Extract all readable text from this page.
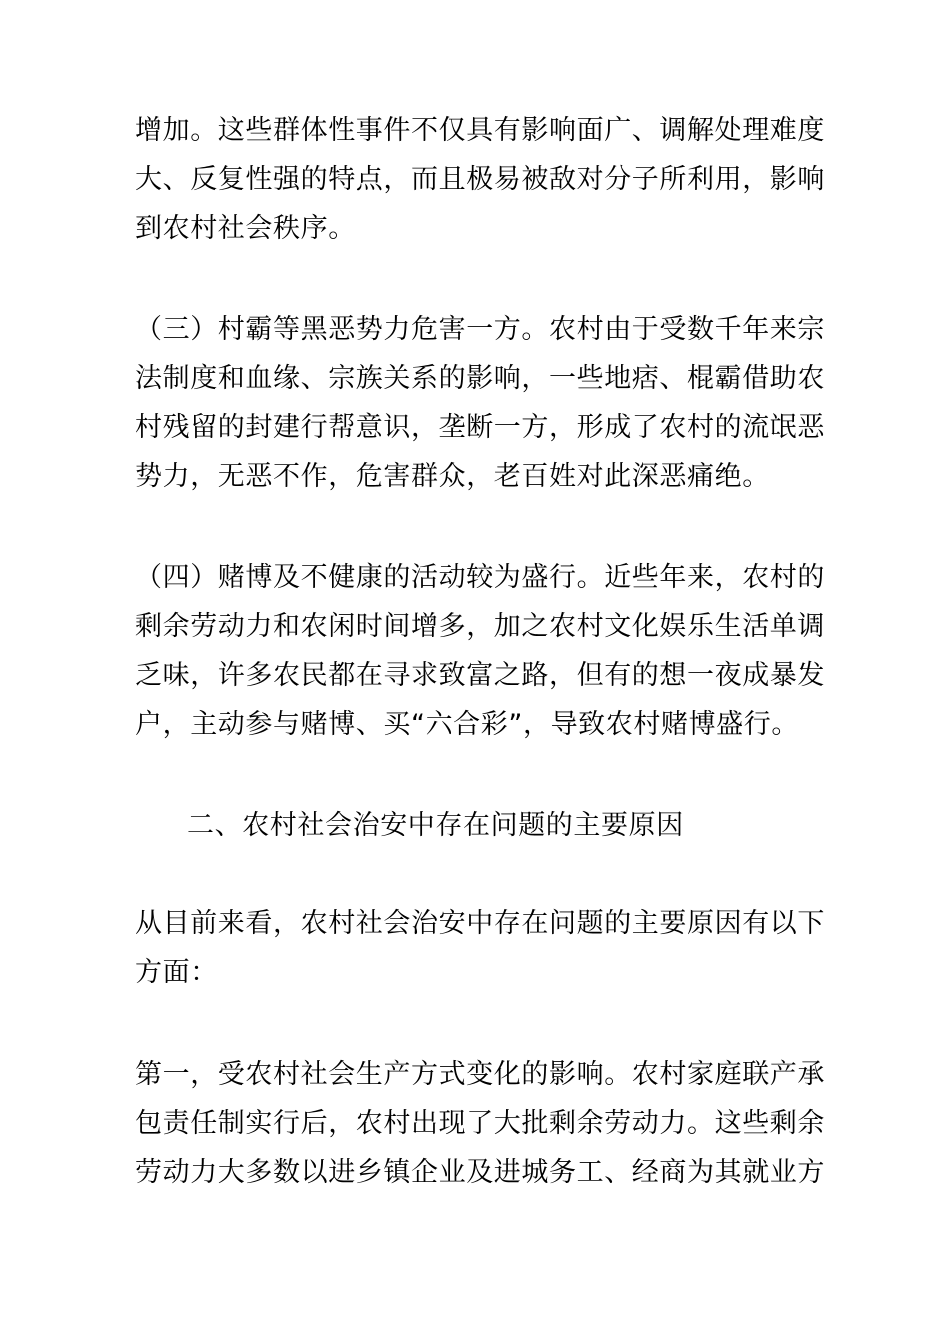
增加。这些群体性事件不仅具有影响面广、调解处理难度
大、反复性强的特点，而且极易被敌对分子所利用，影响
到农村社会秩序。
（三）村霸等黑恶势力危害一方。农村由于受数千年来宗
法制度和血缘、宗族关系的影响，一些地痞、棍霸借助农
村残留的封建行帮意识，垄断一方，形成了农村的流氓恶
势力，无恶不作，危害群众，老百姓对此深恶痛绝。
（四）赌博及不健康的活动较为盛行。近些年来，农村的
剩余劳动力和农闲时间增多，加之农村文化娱乐生活单调
乏味，许多农民都在寻求致富之路，但有的想一夜成暴发
户，主动参与赌博、买“六合彩”，导致农村赌博盛行。
二、农村社会治安中存在问题的主要原因
从目前来看，农村社会治安中存在问题的主要原因有以下
方面：
第一，受农村社会生产方式变化的影响。农村家庭联产承
包责任制实行后，农村出现了大批剩余劳动力。这些剩余
劳动力大多数以进乡镇企业及进城务工、经商为其就业方
